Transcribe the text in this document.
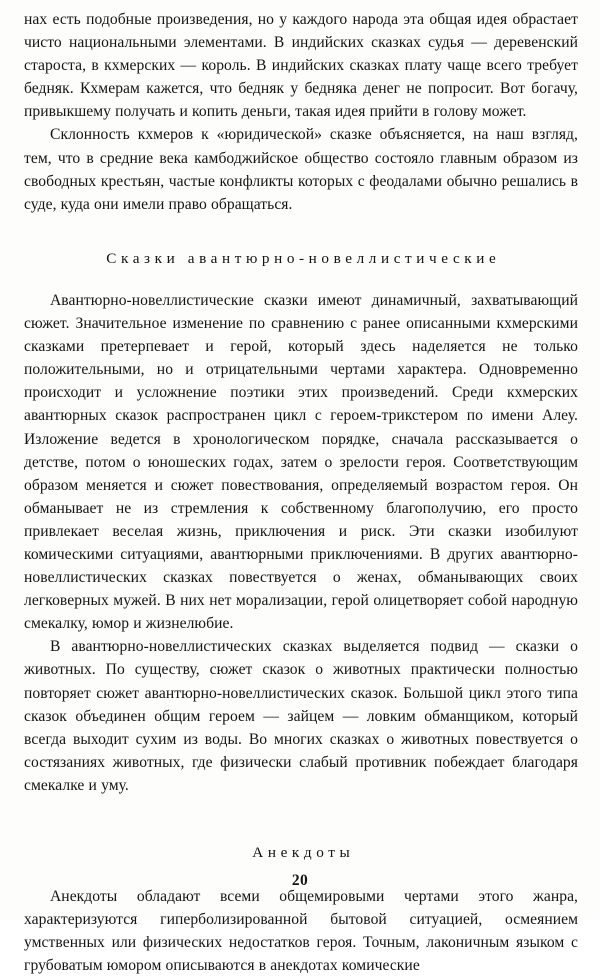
нах есть подобные произведения, но у каждого народа эта общая идея обрастает чисто национальными элементами. В индийских сказках судья — деревенский староста, в кхмерских — король. В индийских сказках плату чаще всего требует бедняк. Кхмерам кажется, что бедняк у бедняка денег не попросит. Вот богачу, привыкшему получать и копить деньги, такая идея прийти в голову может.

Склонность кхмеров к «юридической» сказке объясняется, на наш взгляд, тем, что в средние века камбоджийское общество состояло главным образом из свободных крестьян, частые конфликты которых с феодалами обычно решались в суде, куда они имели право обращаться.

Сказки авантюрно-новеллистические

Авантюрно-новеллистические сказки имеют динамичный, захватывающий сюжет. Значительное изменение по сравнению с ранее описанными кхмерскими сказками претерпевает и герой, который здесь наделяется не только положительными, но и отрицательными чертами характера. Одновременно происходит и усложнение поэтики этих произведений. Среди кхмерских авантюрных сказок распространен цикл с героем-трикстером по имени Алеу. Изложение ведется в хронологическом порядке, сначала рассказывается о детстве, потом о юношеских годах, затем о зрелости героя. Соответствующим образом меняется и сюжет повествования, определяемый возрастом героя. Он обманывает не из стремления к собственному благополучию, его просто привлекает веселая жизнь, приключения и риск. Эти сказки изобилуют комическими ситуациями, авантюрными приключениями. В других авантюрно-новеллистических сказках повествуется о женах, обманывающих своих легковерных мужей. В них нет морализации, герой олицетворяет собой народную смекалку, юмор и жизнелюбие.

В авантюрно-новеллистических сказках выделяется подвид — сказки о животных. По существу, сюжет сказок о животных практически полностью повторяет сюжет авантюрно-новеллистических сказок. Большой цикл этого типа сказок объединен общим героем — зайцем — ловким обманщиком, который всегда выходит сухим из воды. Во многих сказках о животных повествуется о состязаниях животных, где физически слабый противник побеждает благодаря смекалке и уму.

Анекдоты

Анекдоты обладают всеми общемировыми чертами этого жанра, характеризуются гиперболизированной бытовой ситуацией, осмеянием умственных или физических недостатков героя. Точным, лаконичным языком с грубоватым юмором описываются в анекдотах комические

20
